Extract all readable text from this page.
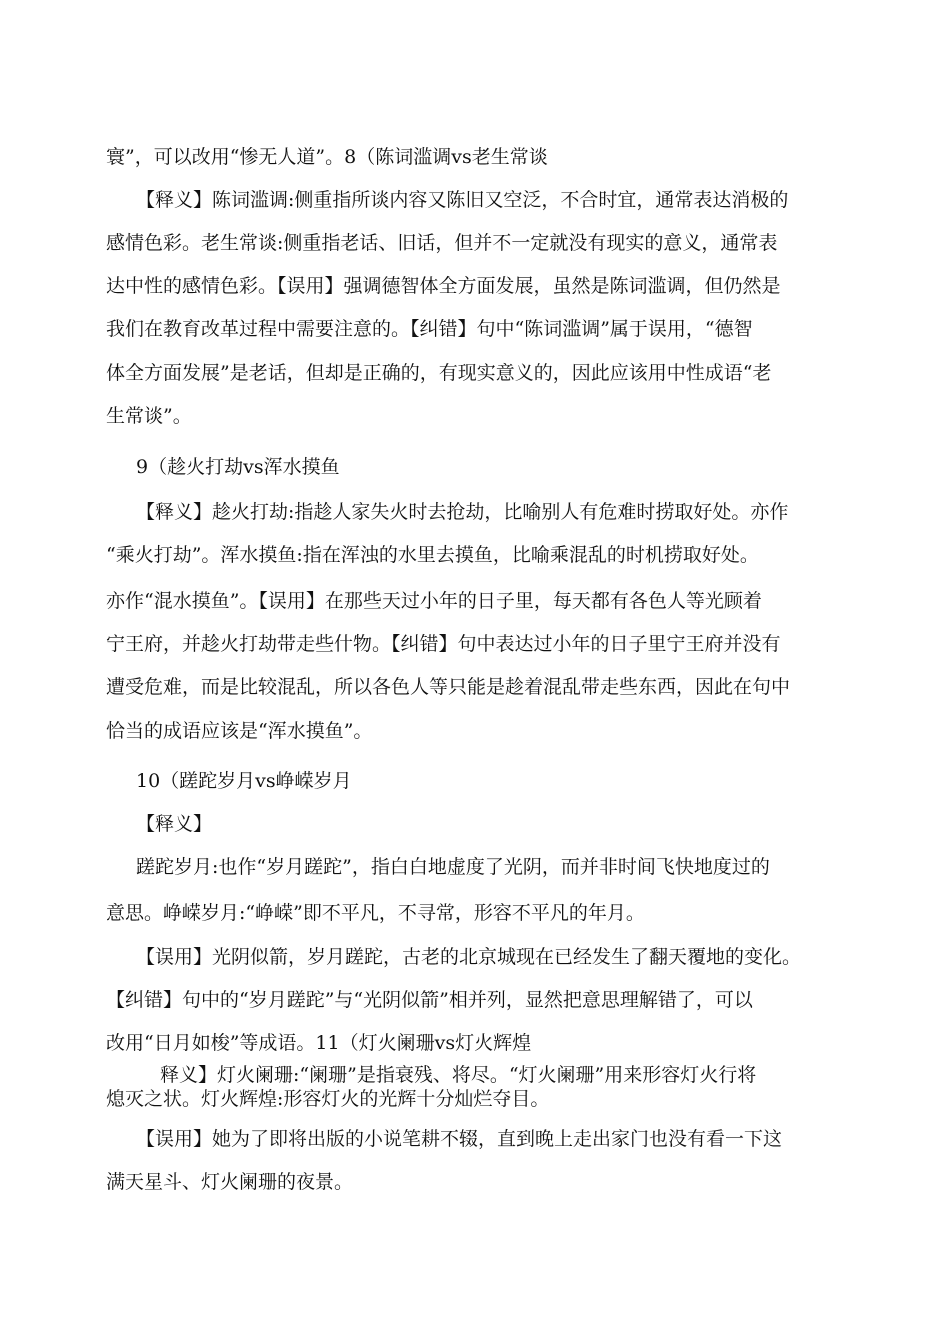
寰”，可以改用“惨无人道”。8（陈词滥调vs老生常谈
【释义】陈词滥调:侧重指所谈内容又陈旧又空泛，不合时宜，通常表达消极的
感情色彩。老生常谈:侧重指老话、旧话，但并不一定就没有现实的意义，通常表
达中性的感情色彩。【误用】强调德智体全方面发展，虽然是陈词滥调，但仍然是
我们在教育改革过程中需要注意的。【纠错】句中“陈词滥调”属于误用，“德智
体全方面发展”是老话，但却是正确的，有现实意义的，因此应该用中性成语“老
生常谈”。
9（趁火打劫vs浑水摸鱼
【释义】趁火打劫:指趁人家失火时去抢劫，比喻别人有危难时捞取好处。亦作
“乘火打劫”。浑水摸鱼:指在浑浊的水里去摸鱼，比喻乘混乱的时机捞取好处。
亦作“混水摸鱼”。【误用】在那些天过小年的日子里，每天都有各色人等光顾着
宁王府，并趁火打劫带走些什物。【纠错】句中表达过小年的日子里宁王府并没有
遭受危难，而是比较混乱，所以各色人等只能是趁着混乱带走些东西，因此在句中
恰当的成语应该是“浑水摸鱼”。
10（蹉跎岁月vs峥嵘岁月
【释义】
蹉跎岁月:也作“岁月蹉跎”，指白白地虚度了光阴，而并非时间飞快地度过的
意思。峥嵘岁月:“峥嵘”即不平凡，不寻常，形容不平凡的年月。
【误用】光阴似箭，岁月蹉跎，古老的北京城现在已经发生了翻天覆地的变化。
【纠错】句中的“岁月蹉跎”与“光阴似箭”相并列，显然把意思理解错了，可以
改用“日月如梭”等成语。11（灯火阑珊vs灯火辉煌
释义】灯火阑珊:“阑珊”是指衰残、将尽。“灯火阑珊”用来形容灯火行将
熄灭之状。灯火辉煌:形容灯火的光辉十分灿烂夺目。
【误用】她为了即将出版的小说笔耕不辍，直到晚上走出家门也没有看一下这
满天星斗、灯火阑珊的夜景。
